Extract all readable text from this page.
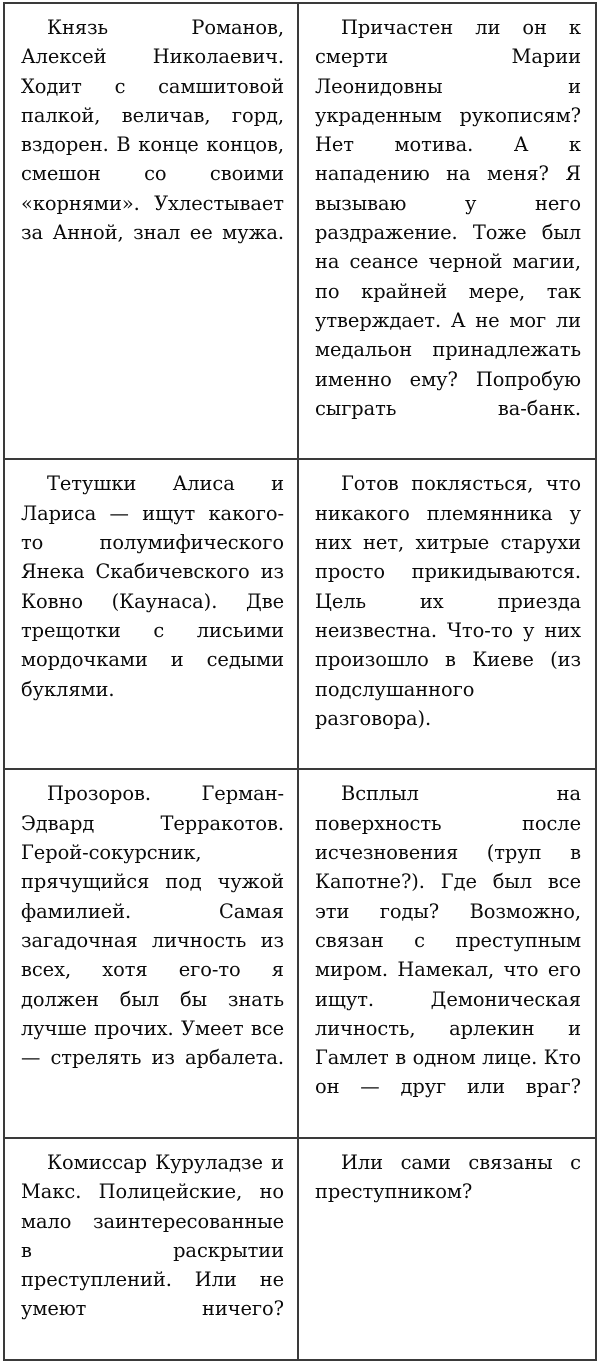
Князь Романов, Алексей Николаевич. Ходит с самшитовой палкой, величав, горд, вздорен. В конце концов, смешон со своими «корнями». Ухлестывает за Анной, знал ее мужа.	Причастен ли он к смерти Марии Леонидовны и украденным рукописям? Нет мотива. А к нападению на меня? Я вызываю у него раздражение. Тоже был на сеансе черной магии, по крайней мере, так утверждает. А не мог ли медальон принадлежать именно ему? Попробую сыграть ва-банк.

Тетушки Алиса и Лариса — ищут какого-то полумифического Янека Скабичевского из Ковно (Каунаса). Две трещотки с лисьими мордочками и седыми буклями.	Готов поклясться, что никакого племянника у них нет, хитрые старухи просто прикидываются. Цель их приезда неизвестна. Что-то у них произошло в Киеве (из подслушанного разговора).

Прозоров. Герман-Эдвард Терракотов. Герой-сокурсник, прячущийся под чужой фамилией. Самая загадочная личность из всех, хотя его-то я должен был бы знать лучше прочих. Умеет все — стрелять из арбалета.	Всплыл на поверхность после исчезновения (труп в Капотне?). Где был все эти годы? Возможно, связан с преступным миром. Намекал, что его ищут. Демоническая личность, арлекин и Гамлет в одном лице. Кто он — друг или враг?

Комиссар Куруладзе и Макс. Полицейские, но мало заинтересованные в раскрытии преступлений. Или не умеют ничего?	Или сами связаны с преступником?
